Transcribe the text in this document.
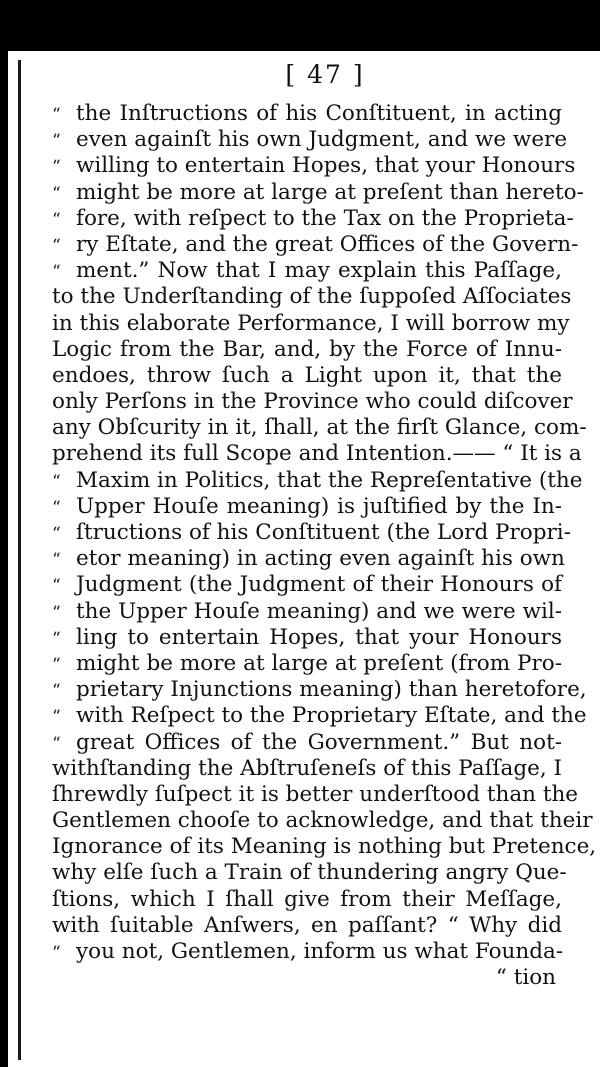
[ 47 ]
“ the Inſtructions of his Conſtituent, in acting
“ even againſt his own Judgment, and we were
“ willing to entertain Hopes, that your Honours
“ might be more at large at preſent than hereto-
“ fore, with reſpect to the Tax on the Proprieta-
“ ry Eſtate, and the great Offices of the Govern-
“ ment.” Now that I may explain this Paſſage,
to the Underſtanding of the ſuppoſed Aſſociates
in this elaborate Performance, I will borrow my
Logic from the Bar, and, by the Force of Innu-
endoes, throw ſuch a Light upon it, that the
only Perſons in the Province who could diſcover
any Obſcurity in it, ſhall, at the firſt Glance, com-
prehend its full Scope and Intention.—— “ It is a
“ Maxim in Politics, that the Repreſentative (the
“ Upper Houſe meaning) is juſtified by the In-
“ ſtructions of his Conſtituent (the Lord Propri-
“ etor meaning) in acting even againſt his own
“ Judgment (the Judgment of their Honours of
“ the Upper Houſe meaning) and we were wil-
“ ling to entertain Hopes, that your Honours
“ might be more at large at preſent (from Pro-
“ prietary Injunctions meaning) than heretofore,
“ with Reſpect to the Proprietary Eſtate, and the
“ great Offices of the Government.” But not-
withſtanding the Abſtruſeneſs of this Paſſage, I
ſhrewdly ſuſpect it is better underſtood than the
Gentlemen chooſe to acknowledge, and that their
Ignorance of its Meaning is nothing but Pretence,
why elſe ſuch a Train of thundering angry Que-
ſtions, which I ſhall give from their Meſſage,
with ſuitable Anſwers, en paſſant? “ Why did
“ you not, Gentlemen, inform us what Founda-
“ tion
